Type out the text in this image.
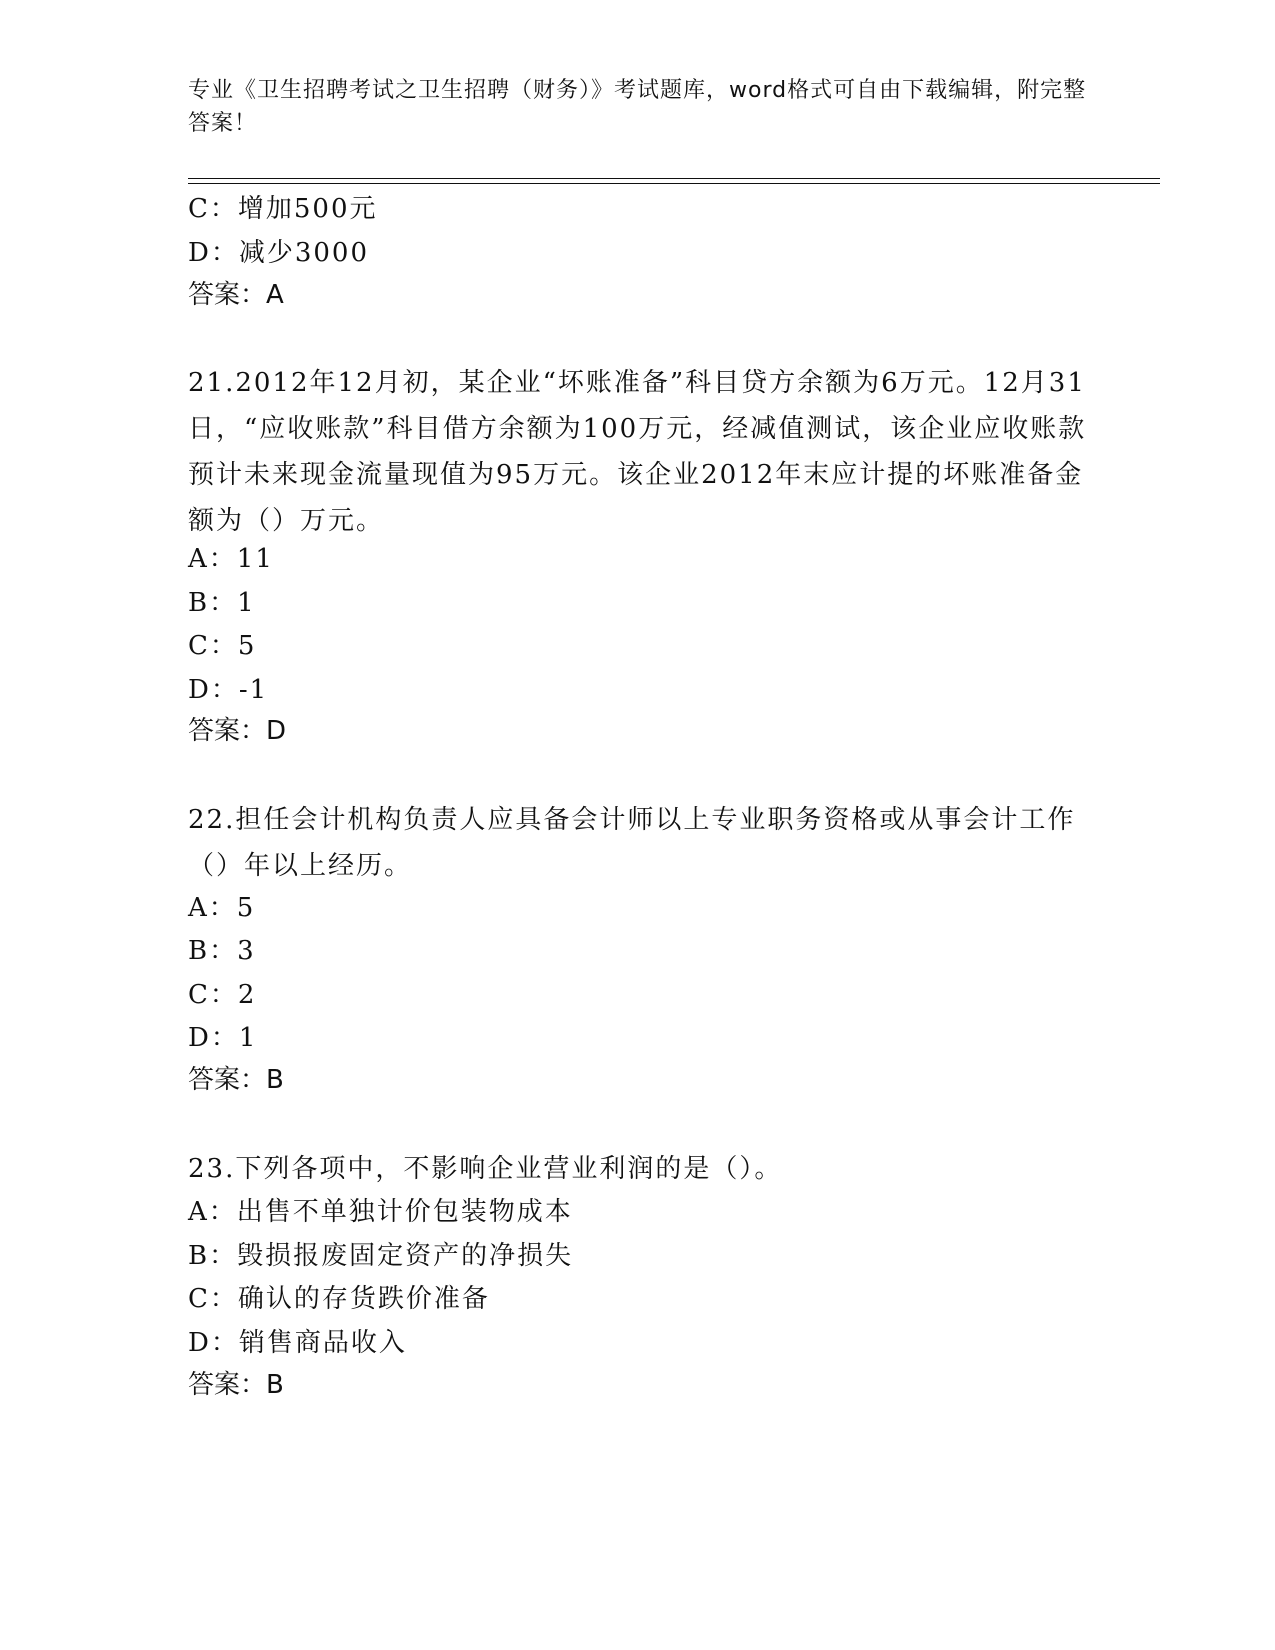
专业《卫生招聘考试之卫生招聘（财务）》考试题库，word格式可自由下载编辑，附完整答案！
C：增加500元
D：减少3000
答案：A
21.2012年12月初，某企业“坏账准备”科目贷方余额为6万元。12月31日，“应收账款”科目借方余额为100万元，经减值测试，该企业应收账款预计未来现金流量现值为95万元。该企业2012年末应计提的坏账准备金额为（）万元。
A：11
B：1
C：5
D：-1
答案：D
22.担任会计机构负责人应具备会计师以上专业职务资格或从事会计工作（）年以上经历。
A：5
B：3
C：2
D：1
答案：B
23.下列各项中，不影响企业营业利润的是（）。
A：出售不单独计价包装物成本
B：毁损报废固定资产的净损失
C：确认的存货跌价准备
D：销售商品收入
答案：B
